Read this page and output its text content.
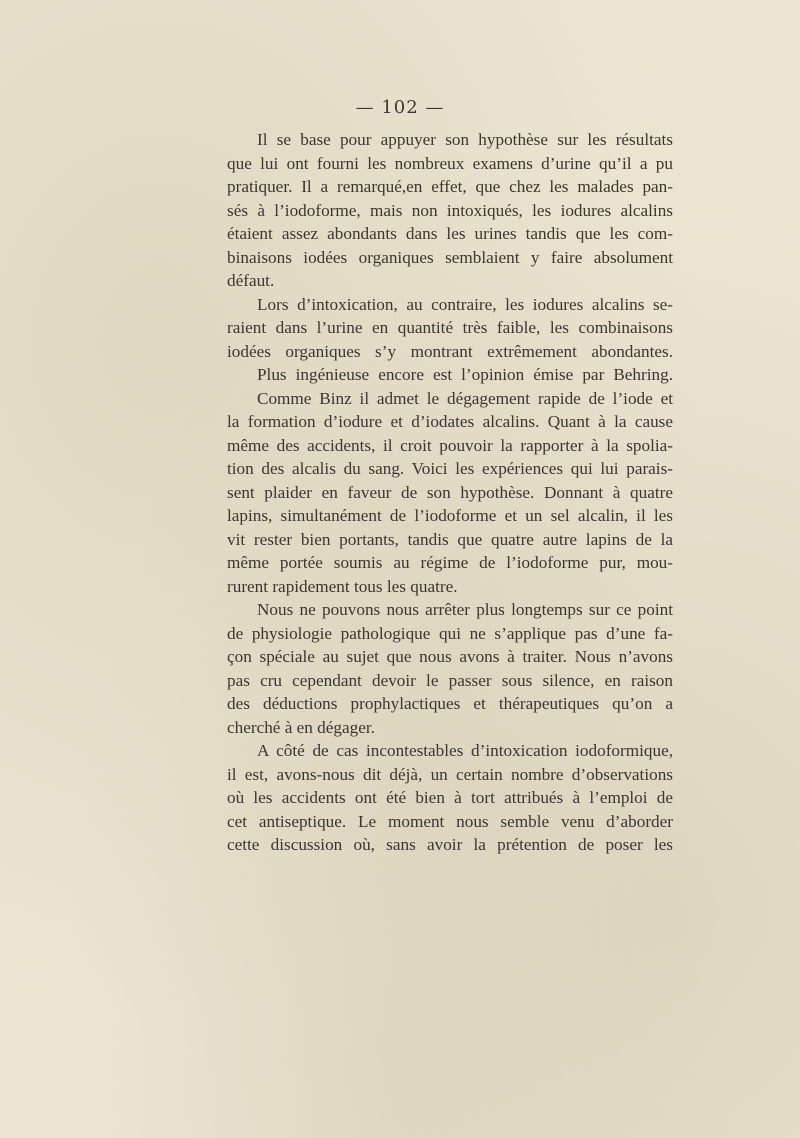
— 102 —
Il se base pour appuyer son hypothèse sur les résultats
que lui ont fourni les nombreux examens d’urine qu’il a pu
pratiquer. Il a remarqué,en effet, que chez les malades pan-
sés à l’iodoforme, mais non intoxiqués, les iodures alcalins
étaient assez abondants dans les urines tandis que les com-
binaisons iodées organiques semblaient y faire absolument
défaut.
Lors d’intoxication, au contraire, les iodures alcalins se-
raient dans l’urine en quantité très faible, les combinaisons
iodées organiques s’y montrant extrêmement abondantes.
Plus ingénieuse encore est l’opinion émise par Behring.
Comme Binz il admet le dégagement rapide de l’iode et
la formation d’iodure et d’iodates alcalins. Quant à la cause
même des accidents, il croit pouvoir la rapporter à la spolia-
tion des alcalis du sang. Voici les expériences qui lui parais-
sent plaider en faveur de son hypothèse. Donnant à quatre
lapins, simultanément de l’iodoforme et un sel alcalin, il les
vit rester bien portants, tandis que quatre autre lapins de la
même portée soumis au régime de l’iodoforme pur, mou-
rurent rapidement tous les quatre.
Nous ne pouvons nous arrêter plus longtemps sur ce point
de physiologie pathologique qui ne s’applique pas d’une fa-
çon spéciale au sujet que nous avons à traiter. Nous n’avons
pas cru cependant devoir le passer sous silence, en raison
des déductions prophylactiques et thérapeutiques qu’on a
cherché à en dégager.
A côté de cas incontestables d’intoxication iodoformique,
il est, avons-nous dit déjà, un certain nombre d’observations
où les accidents ont été bien à tort attribués à l’emploi de
cet antiseptique. Le moment nous semble venu d’aborder
cette discussion où, sans avoir la prétention de poser les
